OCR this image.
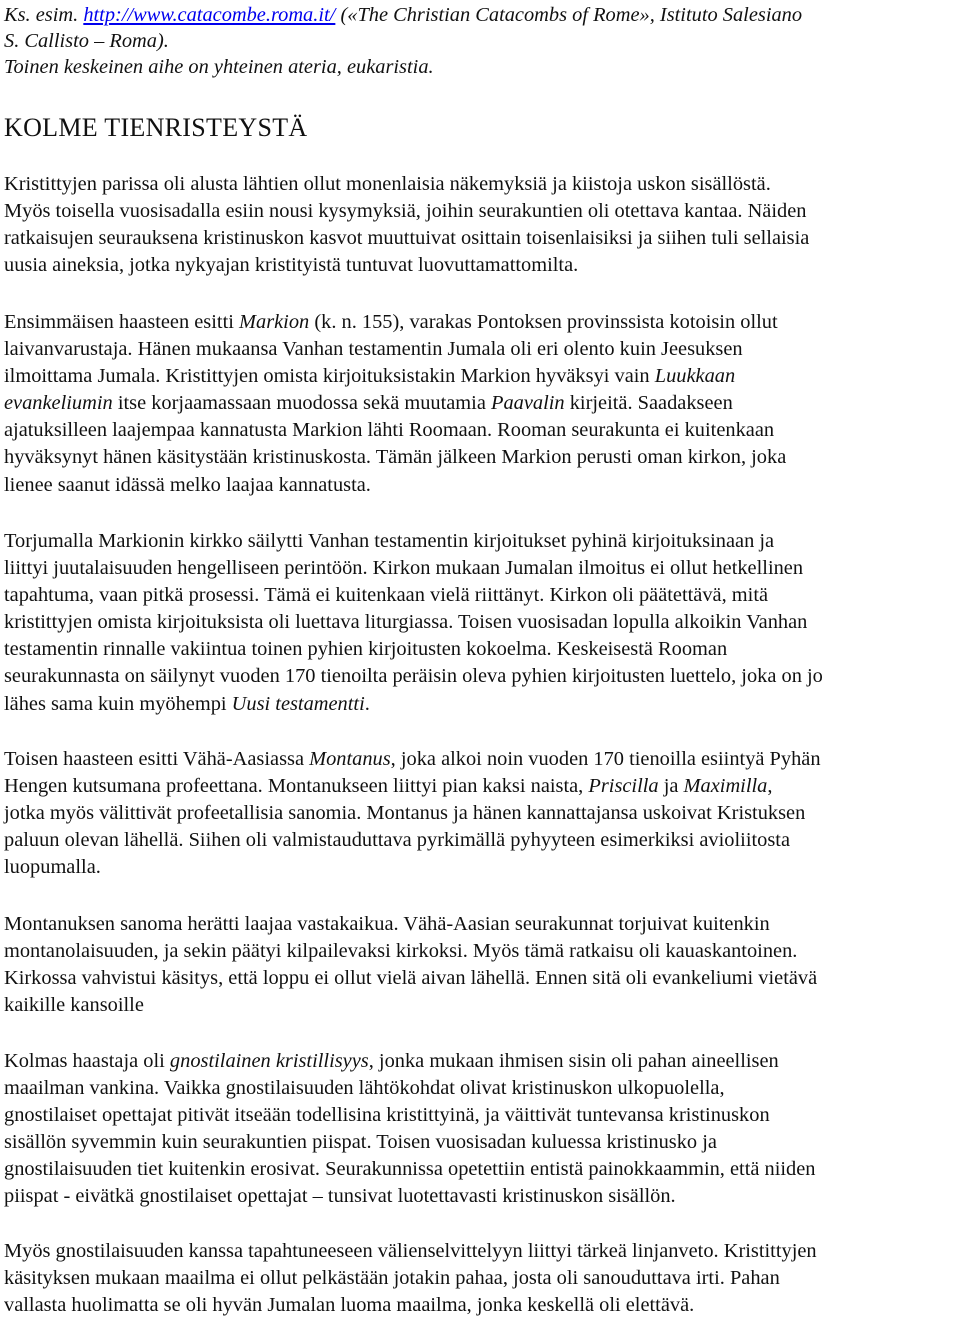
Ks. esim. http://www.catacombe.roma.it/ («The Christian Catacombs of Rome», Istituto Salesiano
S. Callisto – Roma).
Toinen keskeinen aihe on yhteinen ateria, eukaristia.
KOLME TIENRISTEYSTÄ
Kristittyjen parissa oli alusta lähtien ollut monenlaisia näkemyksiä ja kiistoja uskon sisällöstä.
Myös toisella vuosisadalla esiin nousi kysymyksiä, joihin seurakuntien oli otettava kantaa. Näiden
ratkaisujen seurauksena kristinuskon kasvot muuttuivat osittain toisenlaisiksi ja siihen tuli sellaisia
uusia aineksia, jotka nykyajan kristityistä tuntuvat luovuttamattomilta.
Ensimmäisen haasteen esitti Markion (k. n. 155), varakas Pontoksen provinssista kotoisin ollut
laivanvarustaja. Hänen mukaansa Vanhan testamentin Jumala oli eri olento kuin Jeesuksen
ilmoittama Jumala. Kristittyjen omista kirjoituksistakin Markion hyväksyi vain Luukkaan
evankeliumin itse korjaamassaan muodossa sekä muutamia Paavalin kirjeitä. Saadakseen
ajatuksilleen laajempaa kannatusta Markion lähti Roomaan. Rooman seurakunta ei kuitenkaan
hyväksynyt hänen käsitystään kristinuskosta. Tämän jälkeen Markion perusti oman kirkon, joka
lienee saanut idässä melko laajaa kannatusta.
Torjumalla Markionin kirkko säilytti Vanhan testamentin kirjoitukset pyhinä kirjoituksinaan ja
liittyi juutalaisuuden hengelliseen perintöön. Kirkon mukaan Jumalan ilmoitus ei ollut hetkellinen
tapahtuma, vaan pitkä prosessi. Tämä ei kuitenkaan vielä riittänyt. Kirkon oli päätettävä, mitä
kristittyjen omista kirjoituksista oli luettava liturgiassa. Toisen vuosisadan lopulla alkoikin Vanhan
testamentin rinnalle vakiintua toinen pyhien kirjoitusten kokoelma. Keskeisestä Rooman
seurakunnasta on säilynyt vuoden 170 tienoilta peräisin oleva pyhien kirjoitusten luettelo, joka on jo
lähes sama kuin myöhempi Uusi testamentti.
Toisen haasteen esitti Vähä-Aasiassa Montanus, joka alkoi noin vuoden 170 tienoilla esiintyä Pyhän
Hengen kutsumana profeettana. Montanukseen liittyi pian kaksi naista, Priscilla ja Maximilla,
jotka myös välittivät profeetallisia sanomia. Montanus ja hänen kannattajansa uskoivat Kristuksen
paluun olevan lähellä. Siihen oli valmistauduttava pyrkimällä pyhyyteen esimerkiksi avioliitosta
luopumalla.
Montanuksen sanoma herätti laajaa vastakaikua. Vähä-Aasian seurakunnat torjuivat kuitenkin
montanolaisuuden, ja sekin päätyi kilpailevaksi kirkoksi. Myös tämä ratkaisu oli kauaskantoinen.
Kirkossa vahvistui käsitys, että loppu ei ollut vielä aivan lähellä. Ennen sitä oli evankeliumi vietävä
kaikille kansoille
Kolmas haastaja oli gnostilainen kristillisyys, jonka mukaan ihmisen sisin oli pahan aineellisen
maailman vankina. Vaikka gnostilaisuuden lähtökohdat olivat kristinuskon ulkopuolella,
gnostilaiset opettajat pitivät itseään todellisina kristittyinä, ja väittivät tuntevansa kristinuskon
sisällön syvemmin kuin seurakuntien piispat. Toisen vuosisadan kuluessa kristinusko ja
gnostilaisuuden tiet kuitenkin erosivat. Seurakunnissa opetettiin entistä painokkaammin, että niiden
piispat - eivätkä gnostilaiset opettajat – tunsivat luotettavasti kristinuskon sisällön.
Myös gnostilaisuuden kanssa tapahtuneeseen välienselvittelyyn liittyi tärkeä linjanveto. Kristittyjen
käsityksen mukaan maailma ei ollut pelkästään jotakin pahaa, josta oli sanouduttava irti. Pahan
vallasta huolimatta se oli hyvän Jumalan luoma maailma, jonka keskellä oli elettävä.
